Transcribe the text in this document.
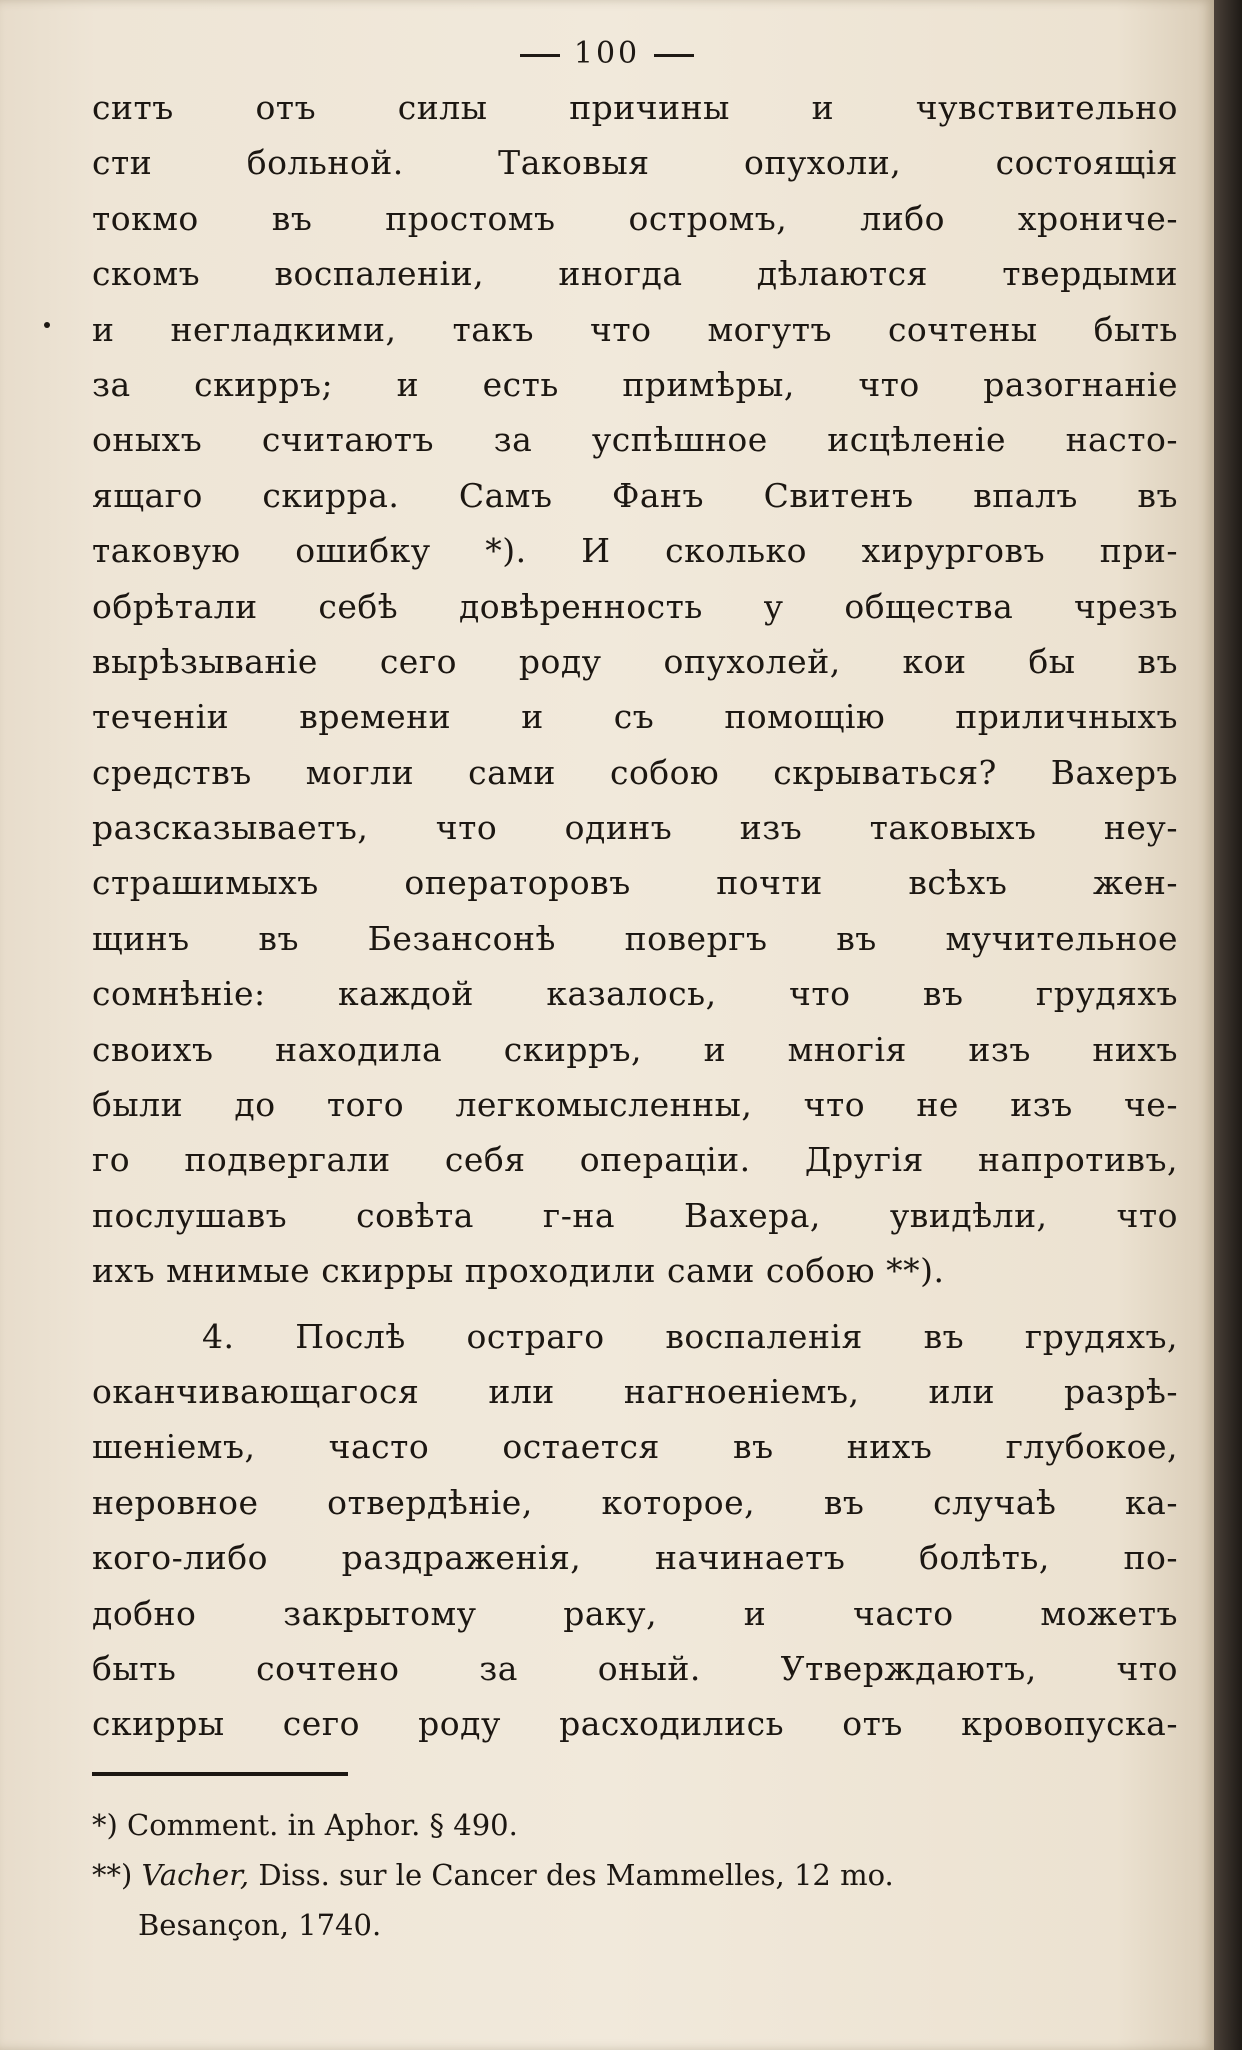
100
ситъ отъ силы причины и чувствительно
сти больной. Таковыя опухоли, состоящія
токмо въ простомъ остромъ, либо хрониче-
скомъ воспаленіи, иногда дѣлаются твердыми
и негладкими, такъ что могутъ сочтены быть
за скирръ; и есть примѣры, что разогнаніе
оныхъ считаютъ за успѣшное исцѣленіе насто-
ящаго скирра. Самъ Фанъ Свитенъ впалъ въ
таковую ошибку *). И сколько хирурговъ при-
обрѣтали себѣ довѣренность у общества чрезъ
вырѣзываніе сего роду опухолей, кои бы въ
теченіи времени и съ помощію приличныхъ
средствъ могли сами собою скрываться? Вахеръ
разсказываетъ, что одинъ изъ таковыхъ неу-
страшимыхъ операторовъ почти всѣхъ жен-
щинъ въ Безансонѣ повергъ въ мучительное
сомнѣніе: каждой казалось, что въ грудяхъ
своихъ находила скирръ, и многія изъ нихъ
были до того легкомысленны, что не изъ че-
го подвергали себя операціи. Другія напротивъ,
послушавъ совѣта г-на Вахера, увидѣли, что
ихъ мнимые скирры проходили сами собою **).
4. Послѣ остраго воспаленія въ грудяхъ,
оканчивающагося или нагноеніемъ, или разрѣ-
шеніемъ, часто остается въ нихъ глубокое,
неровное отвердѣніе, которое, въ случаѣ ка-
кого-либо раздраженія, начинаетъ болѣть, по-
добно закрытому раку, и часто можетъ
быть сочтено за оный. Утверждаютъ, что
скирры сего роду расходились отъ кровопуска-
*) Comment. in Aphor. § 490.
**) Vacher, Diss. sur le Cancer des Mammelles, 12 mo.
Besançon, 1740.
